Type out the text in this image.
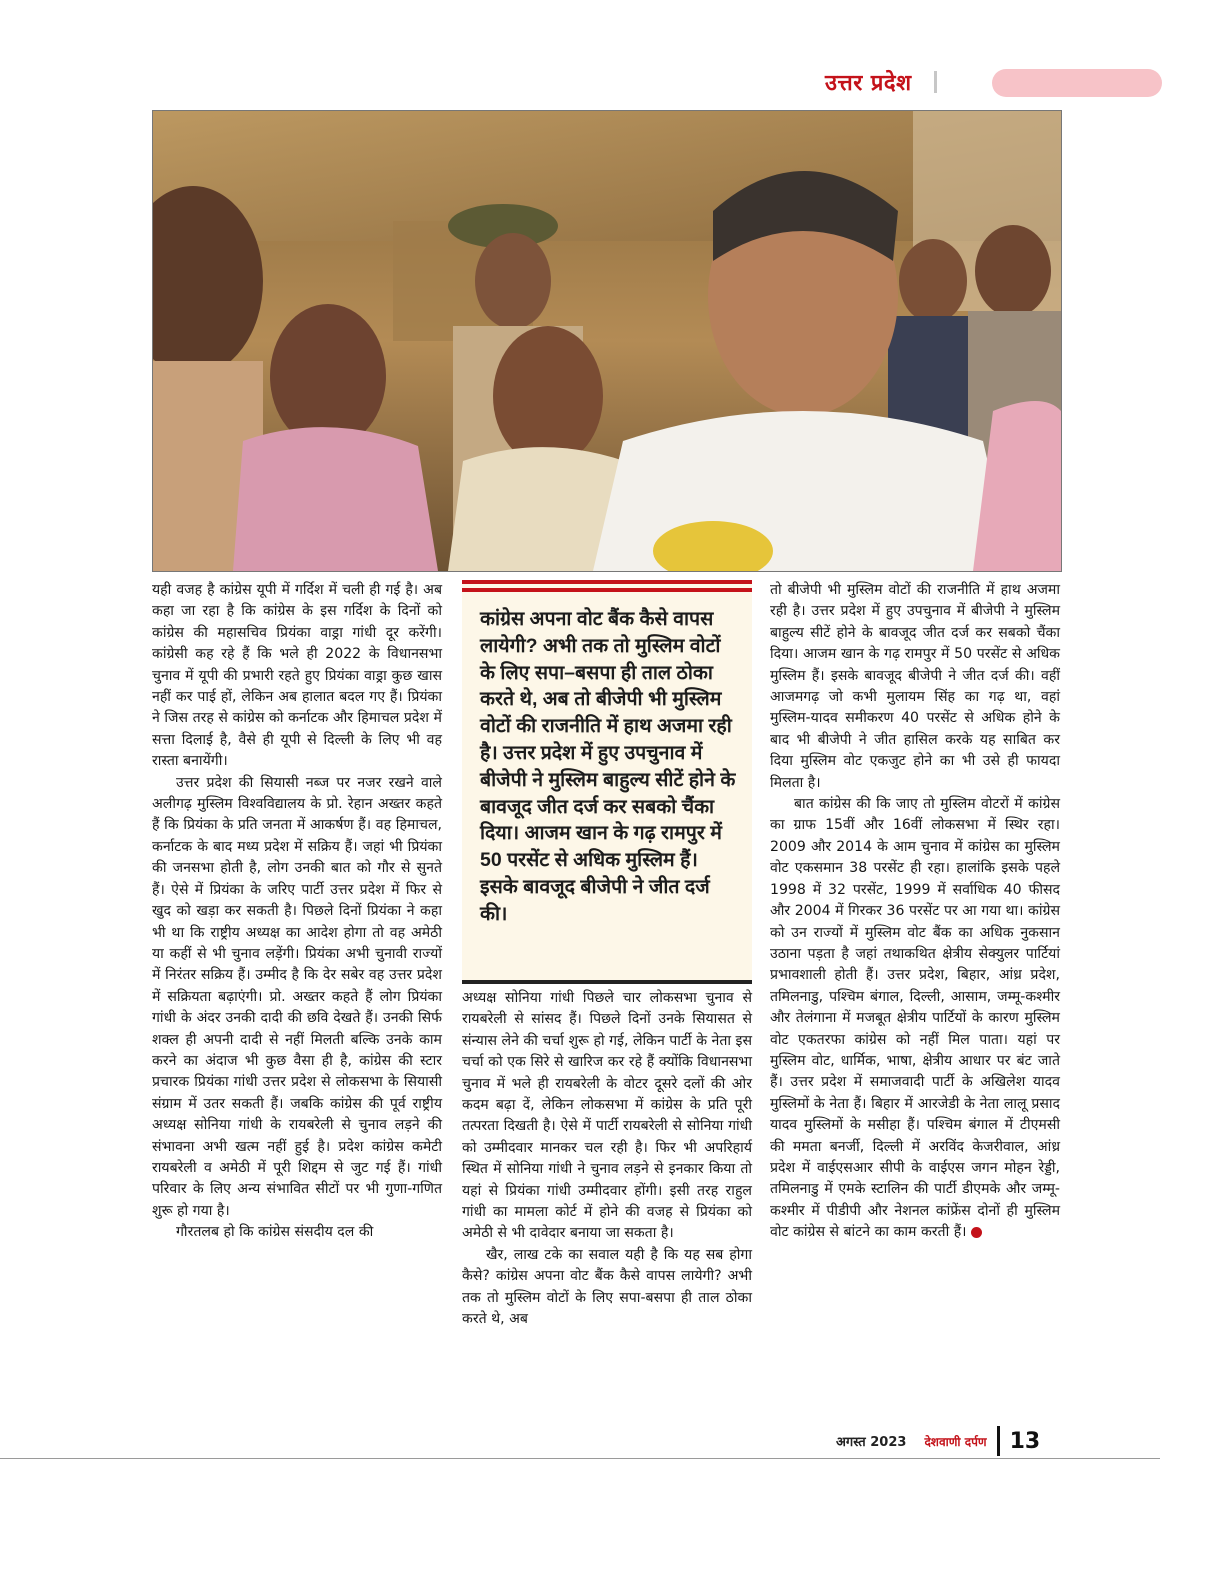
उत्तर प्रदेश

यही वजह है कांग्रेस यूपी में गर्दिश में चली ही गई है। अब कहा जा रहा है कि कांग्रेस के इस गर्दिश के दिनों को कांग्रेस की महासचिव प्रियंका वाड्रा गांधी दूर करेंगी। कांग्रेसी कह रहे हैं कि भले ही 2022 के विधानसभा चुनाव में यूपी की प्रभारी रहते हुए प्रियंका वाड्रा कुछ खास नहीं कर पाई हों, लेकिन अब हालात बदल गए हैं। प्रियंका ने जिस तरह से कांग्रेस को कर्नाटक और हिमाचल प्रदेश में सत्ता दिलाई है, वैसे ही यूपी से दिल्ली के लिए भी वह रास्ता बनायेंगी।

उत्तर प्रदेश की सियासी नब्ज पर नजर रखने वाले अलीगढ़ मुस्लिम विश्वविद्यालय के प्रो. रेहान अख्तर कहते हैं कि प्रियंका के प्रति जनता में आकर्षण हैं। वह हिमाचल, कर्नाटक के बाद मध्य प्रदेश में सक्रिय हैं। जहां भी प्रियंका की जनसभा होती है, लोग उनकी बात को गौर से सुनते हैं। ऐसे में प्रियंका के जरिए पार्टी उत्तर प्रदेश में फिर से खुद को खड़ा कर सकती है। पिछले दिनों प्रियंका ने कहा भी था कि राष्ट्रीय अध्यक्ष का आदेश होगा तो वह अमेठी या कहीं से भी चुनाव लड़ेंगी। प्रियंका अभी चुनावी राज्यों में निरंतर सक्रिय हैं। उम्मीद है कि देर सबेर वह उत्तर प्रदेश में सक्रियता बढ़ाएंगी। प्रो. अख्तर कहते हैं लोग प्रियंका गांधी के अंदर उनकी दादी की छवि देखते हैं। उनकी सिर्फ शक्ल ही अपनी दादी से नहीं मिलती बल्कि उनके काम करने का अंदाज भी कुछ वैसा ही है, कांग्रेस की स्टार प्रचारक प्रियंका गांधी उत्तर प्रदेश से लोकसभा के सियासी संग्राम में उतर सकती हैं। जबकि कांग्रेस की पूर्व राष्ट्रीय अध्यक्ष सोनिया गांधी के रायबरेली से चुनाव लड़ने की संभावना अभी खत्म नहीं हुई है। प्रदेश कांग्रेस कमेटी रायबरेली व अमेठी में पूरी शिद्दम से जुट गई हैं। गांधी परिवार के लिए अन्य संभावित सीटों पर भी गुणा-गणित शुरू हो गया है।

गौरतलब हो कि कांग्रेस संसदीय दल की

कांग्रेस अपना वोट बैंक कैसे वापस लायेगी? अभी तक तो मुस्लिम वोटों के लिए सपा–बसपा ही ताल ठोका करते थे, अब तो बीजेपी भी मुस्लिम वोटों की राजनीति में हाथ अजमा रही है। उत्तर प्रदेश में हुए उपचुनाव में बीजेपी ने मुस्लिम बाहुल्य सीटें होने के बावजूद जीत दर्ज कर सबको चैंका दिया। आजम खान के गढ़ रामपुर में 50 परसेंट से अधिक मुस्लिम हैं। इसके बावजूद बीजेपी ने जीत दर्ज की।

अध्यक्ष सोनिया गांधी पिछले चार लोकसभा चुनाव से रायबरेली से सांसद हैं। पिछले दिनों उनके सियासत से संन्यास लेने की चर्चा शुरू हो गई, लेकिन पार्टी के नेता इस चर्चा को एक सिरे से खारिज कर रहे हैं क्योंकि विधानसभा चुनाव में भले ही रायबरेली के वोटर दूसरे दलों की ओर कदम बढ़ा दें, लेकिन लोकसभा में कांग्रेस के प्रति पूरी तत्परता दिखती है। ऐसे में पार्टी रायबरेली से सोनिया गांधी को उम्मीदवार मानकर चल रही है। फिर भी अपरिहार्य स्थित में सोनिया गांधी ने चुनाव लड़ने से इनकार किया तो यहां से प्रियंका गांधी उम्मीदवार होंगी। इसी तरह राहुल गांधी का मामला कोर्ट में होने की वजह से प्रियंका को अमेठी से भी दावेदार बनाया जा सकता है।

खैर, लाख टके का सवाल यही है कि यह सब होगा कैसे? कांग्रेस अपना वोट बैंक कैसे वापस लायेगी? अभी तक तो मुस्लिम वोटों के लिए सपा-बसपा ही ताल ठोका करते थे, अब

तो बीजेपी भी मुस्लिम वोटों की राजनीति में हाथ अजमा रही है। उत्तर प्रदेश में हुए उपचुनाव में बीजेपी ने मुस्लिम बाहुल्य सीटें होने के बावजूद जीत दर्ज कर सबको चैंका दिया। आजम खान के गढ़ रामपुर में 50 परसेंट से अधिक मुस्लिम हैं। इसके बावजूद बीजेपी ने जीत दर्ज की। वहीं आजमगढ़ जो कभी मुलायम सिंह का गढ़ था, वहां मुस्लिम-यादव समीकरण 40 परसेंट से अधिक होने के बाद भी बीजेपी ने जीत हासिल करके यह साबित कर दिया मुस्लिम वोट एकजुट होने का भी उसे ही फायदा मिलता है।

बात कांग्रेस की कि जाए तो मुस्लिम वोटरों में कांग्रेस का ग्राफ 15वीं और 16वीं लोकसभा में स्थिर रहा। 2009 और 2014 के आम चुनाव में कांग्रेस का मुस्लिम वोट एकसमान 38 परसेंट ही रहा। हालांकि इसके पहले 1998 में 32 परसेंट, 1999 में सर्वाधिक 40 फीसद और 2004 में गिरकर 36 परसेंट पर आ गया था। कांग्रेस को उन राज्यों में मुस्लिम वोट बैंक का अधिक नुकसान उठाना पड़ता है जहां तथाकथित क्षेत्रीय सेक्युलर पार्टियां प्रभावशाली होती हैं। उत्तर प्रदेश, बिहार, आंध्र प्रदेश, तमिलनाडु, पश्चिम बंगाल, दिल्ली, आसाम, जम्मू-कश्मीर और तेलंगाना में मजबूत क्षेत्रीय पार्टियों के कारण मुस्लिम वोट एकतरफा कांग्रेस को नहीं मिल पाता। यहां पर मुस्लिम वोट, धार्मिक, भाषा, क्षेत्रीय आधार पर बंट जाते हैं। उत्तर प्रदेश में समाजवादी पार्टी के अखिलेश यादव मुस्लिमों के नेता हैं। बिहार में आरजेडी के नेता लालू प्रसाद यादव मुस्लिमों के मसीहा हैं। पश्चिम बंगाल में टीएमसी की ममता बनर्जी, दिल्ली में अरविंद केजरीवाल, आंध्र प्रदेश में वाईएसआर सीपी के वाईएस जगन मोहन रेड्डी, तमिलनाडु में एमके स्टालिन की पार्टी डीएमके और जम्मू-कश्मीर में पीडीपी और नेशनल कांफ्रेंस दोनों ही मुस्लिम वोट कांग्रेस से बांटने का काम करती हैं।

अगस्त 2023 देशवाणी दर्पण 13
